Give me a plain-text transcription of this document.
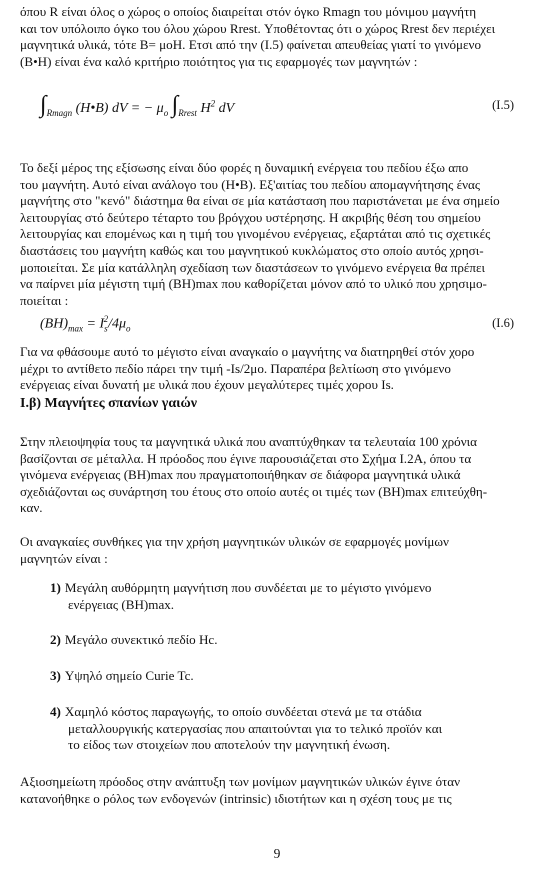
όπου R είναι όλος ο χώρος ο οποίος διαιρείται στόν όγκο Rmagn του μόνιμου μαγνήτη
και τον υπόλοιπο όγκο του όλου χώρου Rrest. Υποθέτοντας ότι ο χώρος Rrest δεν περιέχει
μαγνητικά υλικά, τότε Β= μοΗ. Ετσι από την (Ι.5) φαίνεται απευθείας γιατί το γινόμενο
(Β•Η) είναι ένα καλό κριτήριο ποιότητος για τις εφαρμογές των μαγνητών :

$\int_{Rmagn}$ (H•B) dV = − $\mu_o$ $\int_{Rrest}$ $H^2$ dV	(Ι.5)

Το δεξί μέρος της εξίσωσης είναι δύο φορές η δυναμική ενέργεια του πεδίου έξω απο
του μαγνήτη. Αυτό είναι ανάλογο του (Η•Β). Εξ'αιτίας του πεδίου απομαγνήτησης ένας
μαγνήτης στο "κενό" διάστημα θα είναι σε μία κατάσταση που παριστάνεται με ένα σημείο
λειτουργίας στό δεύτερο τέταρτο του βρόγχου υστέρησης. Η ακριβής θέση του σημείου
λειτουργίας και επομένως και η τιμή του γινομένου ενέργειας, εξαρτάται από τις σχετικές
διαστάσεις του μαγνήτη καθώς και του μαγνητικού κυκλώματος στο οποίο αυτός χρησι-
μοποιείται. Σε μία κατάλληλη σχεδίαση των διαστάσεων το γινόμενο ενέργεια θα πρέπει
να παίρνει μία μέγιστη τιμή (ΒΗ)max που καθορίζεται μόνον από το υλικό που χρησιμο-
ποιείται :

$(BH)_{max} = I_s^2/4\mu_o$	(Ι.6)

Για να φθάσουμε αυτό το μέγιστο είναι αναγκαίο ο μαγνήτης να διατηρηθεί στόν χορο
μέχρι το αντίθετο πεδίο πάρει την τιμή -Is/2μο. Παραπέρα βελτίωση στο γινόμενο
ενέργειας είναι δυνατή με υλικά που έχουν μεγαλύτερες τιμές χορου Is.

Ι.β) Μαγνήτες σπανίων γαιών

Στην πλειοψηφία τους τα μαγνητικά υλικά που αναπτύχθηκαν τα τελευταία 100 χρόνια
βασίζονται σε μέταλλα. Η πρόοδος που έγινε παρουσιάζεται στο Σχήμα Ι.2Α, όπου τα
γινόμενα ενέργειας (ΒΗ)max που πραγματοποιήθηκαν σε διάφορα μαγνητικά υλικά
σχεδιάζονται ως συνάρτηση του έτους στο οποίο αυτές οι τιμές των (ΒΗ)max επιτεύχθη-
καν.

Οι αναγκαίες συνθήκες για την χρήση μαγνητικών υλικών σε εφαρμογές μονίμων
μαγνητών είναι :

1) Μεγάλη αυθόρμητη μαγνήτιση που συνδέεται με το μέγιστο γινόμενο
ενέργειας (ΒΗ)max.

2) Μεγάλο συνεκτικό πεδίο Hc.

3) Υψηλό σημείο Curie Tc.

4) Χαμηλό κόστος παραγωγής, το οποίο συνδέεται στενά με τα στάδια
μεταλλουργικής κατεργασίας που απαιτούνται για το τελικό προϊόν και
το είδος των στοιχείων που αποτελούν την μαγνητική ένωση.

Αξιοσημείωτη πρόοδος στην ανάπτυξη των μονίμων μαγνητικών υλικών έγινε όταν
κατανοήθηκε ο ρόλος των ενδογενών (intrinsic) ιδιοτήτων και η σχέση τους με τις

9
